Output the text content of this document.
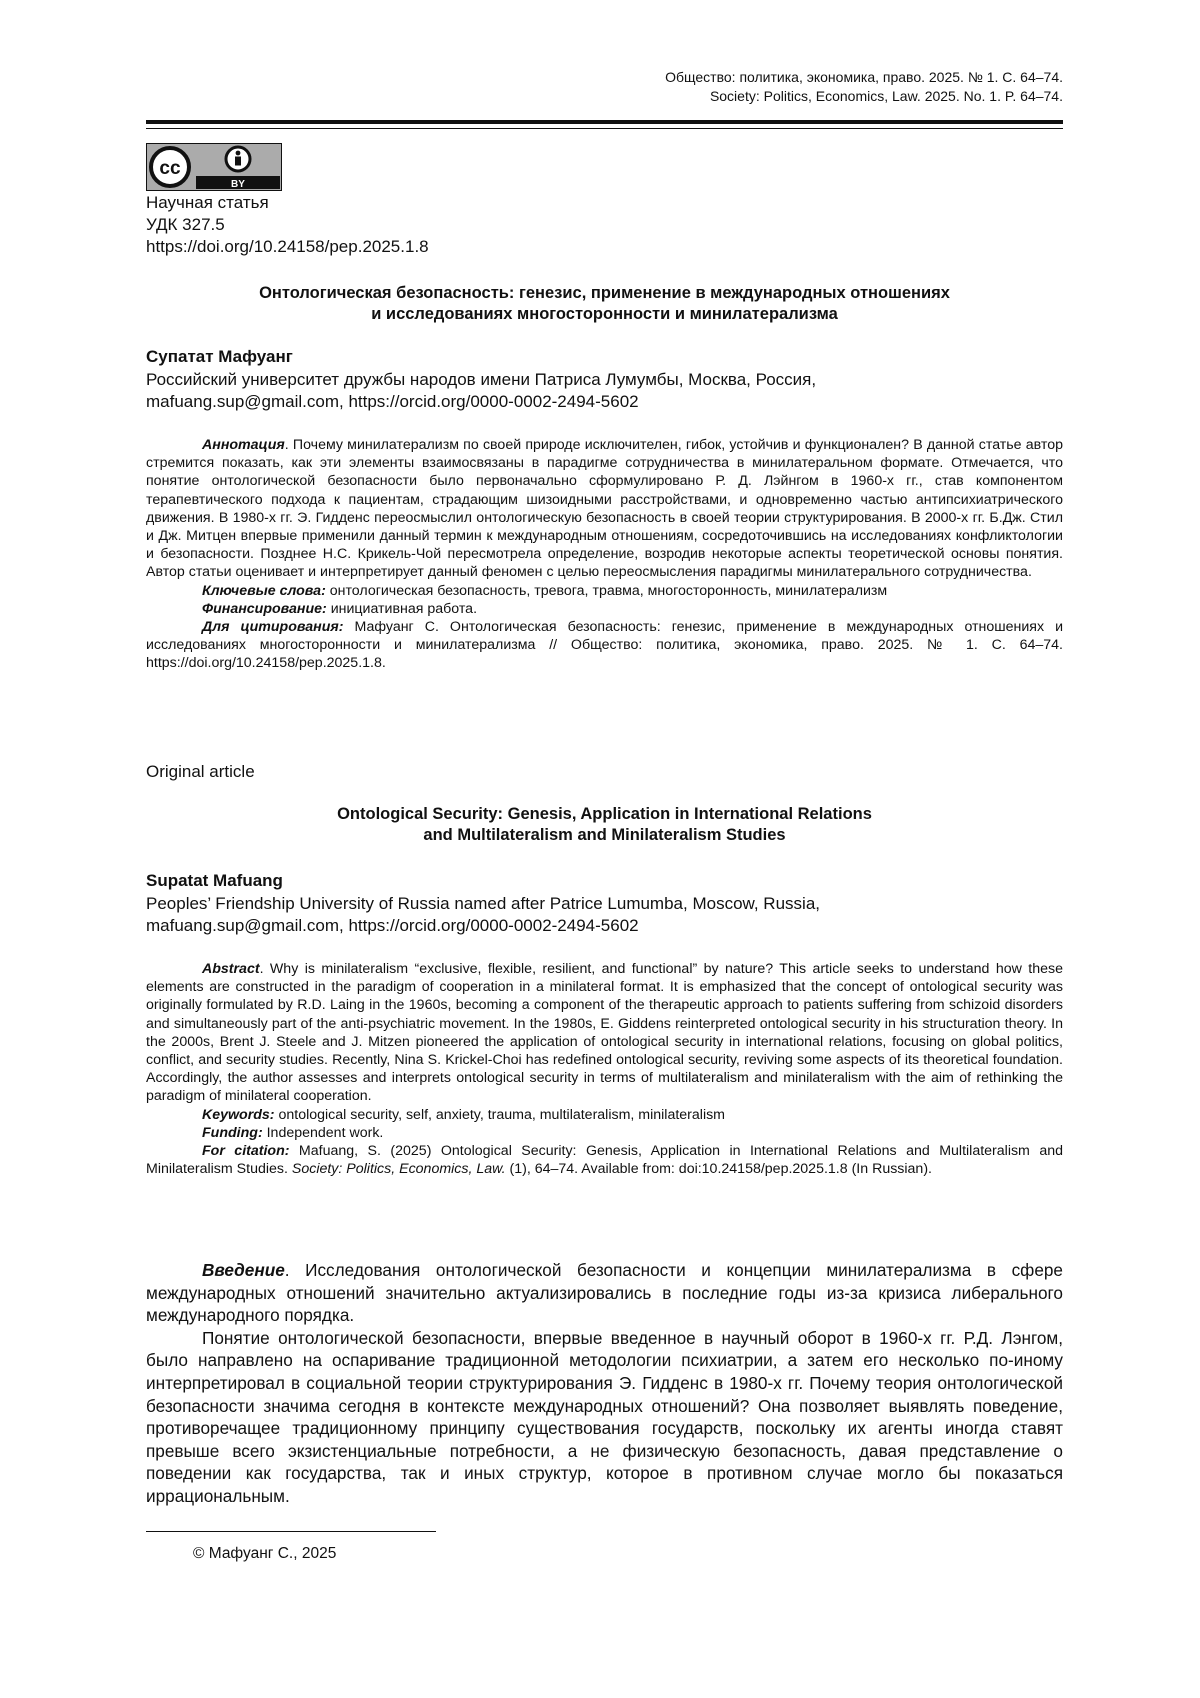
Общество: политика, экономика, право. 2025. № 1. С. 64–74.
Society: Politics, Economics, Law. 2025. No. 1. P. 64–74.
cc
BY
Научная статья
УДК 327.5
https://doi.org/10.24158/pep.2025.1.8
Онтологическая безопасность: генезис, применение в международных отношениях
и исследованиях многосторонности и минилатерализма
Супатат Мафуанг
Российский университет дружбы народов имени Патриса Лумумбы, Москва, Россия,
mafuang.sup@gmail.com, https://orcid.org/0000-0002-2494-5602

Аннотация. Почему минилатерализм по своей природе исключителен, гибок, устойчив и функционален? В данной статье автор стремится показать, как эти элементы взаимосвязаны в парадигме сотрудничества в минилатеральном формате. Отмечается, что понятие онтологической безопасности было первоначально сформулировано Р. Д. Лэйнгом в 1960-х гг., став компонентом терапевтического подхода к пациентам, страдающим шизоидными расстройствами, и одновременно частью антипсихиатрического движения. В 1980-х гг. Э. Гидденс переосмыслил онтологическую безопасность в своей теории структурирования. В 2000-х гг. Б.Дж. Стил и Дж. Митцен впервые применили данный термин к международным отношениям, сосредоточившись на исследованиях конфликтологии и безопасности. Позднее Н.С. Крикель-Чой пересмотрела определение, возродив некоторые аспекты теоретической основы понятия. Автор статьи оценивает и интерпретирует данный феномен с целью переосмысления парадигмы минилатерального сотрудничества.

Ключевые слова: онтологическая безопасность, тревога, травма, многосторонность, минилатерализм

Финансирование: инициативная работа.

Для цитирования: Мафуанг С. Онтологическая безопасность: генезис, применение в международных отношениях и исследованиях многосторонности и минилатерализма // Общество: политика, экономика, право. 2025. № 1. С. 64–74. https://doi.org/10.24158/pep.2025.1.8.

Original article
Ontological Security: Genesis, Application in International Relations
and Multilateralism and Minilateralism Studies
Supatat Mafuang
Peoples’ Friendship University of Russia named after Patrice Lumumba, Moscow, Russia,
mafuang.sup@gmail.com, https://orcid.org/0000-0002-2494-5602

Abstract. Why is minilateralism “exclusive, flexible, resilient, and functional” by nature? This article seeks to understand how these elements are constructed in the paradigm of cooperation in a minilateral format. It is emphasized that the concept of ontological security was originally formulated by R.D. Laing in the 1960s, becoming a component of the therapeutic approach to patients suffering from schizoid disorders and simultaneously part of the anti-psychiatric movement. In the 1980s, E. Giddens reinterpreted ontological security in his structuration theory. In the 2000s, Brent J. Steele and J. Mitzen pioneered the application of ontological security in international relations, focusing on global politics, conflict, and security studies. Recently, Nina S. Krickel-Choi has redefined ontological security, reviving some aspects of its theoretical foundation. Accordingly, the author assesses and interprets ontological security in terms of multilateralism and minilateralism with the aim of rethinking the paradigm of minilateral cooperation.

Keywords: ontological security, self, anxiety, trauma, multilateralism, minilateralism

Funding: Independent work.

For citation: Mafuang, S. (2025) Ontological Security: Genesis, Application in International Relations and Multilateralism and Minilateralism Studies. Society: Politics, Economics, Law. (1), 64–74. Available from: doi:10.24158/pep.2025.1.8 (In Russian).

Введение. Исследования онтологической безопасности и концепции минилатерализма в сфере международных отношений значительно актуализировались в последние годы из-за кризиса либерального международного порядка.

Понятие онтологической безопасности, впервые введенное в научный оборот в 1960-х гг. Р.Д. Лэнгом, было направлено на оспаривание традиционной методологии психиатрии, а затем его несколько по-иному интерпретировал в социальной теории структурирования Э. Гидденс в 1980-х гг. Почему теория онтологической безопасности значима сегодня в контексте международных отношений? Она позволяет выявлять поведение, противоречащее традиционному принципу существования государств, поскольку их агенты иногда ставят превыше всего экзистенциальные потребности, а не физическую безопасность, давая представление о поведении как государства, так и иных структур, которое в противном случае могло бы показаться иррациональным.

© Мафуанг С., 2025
